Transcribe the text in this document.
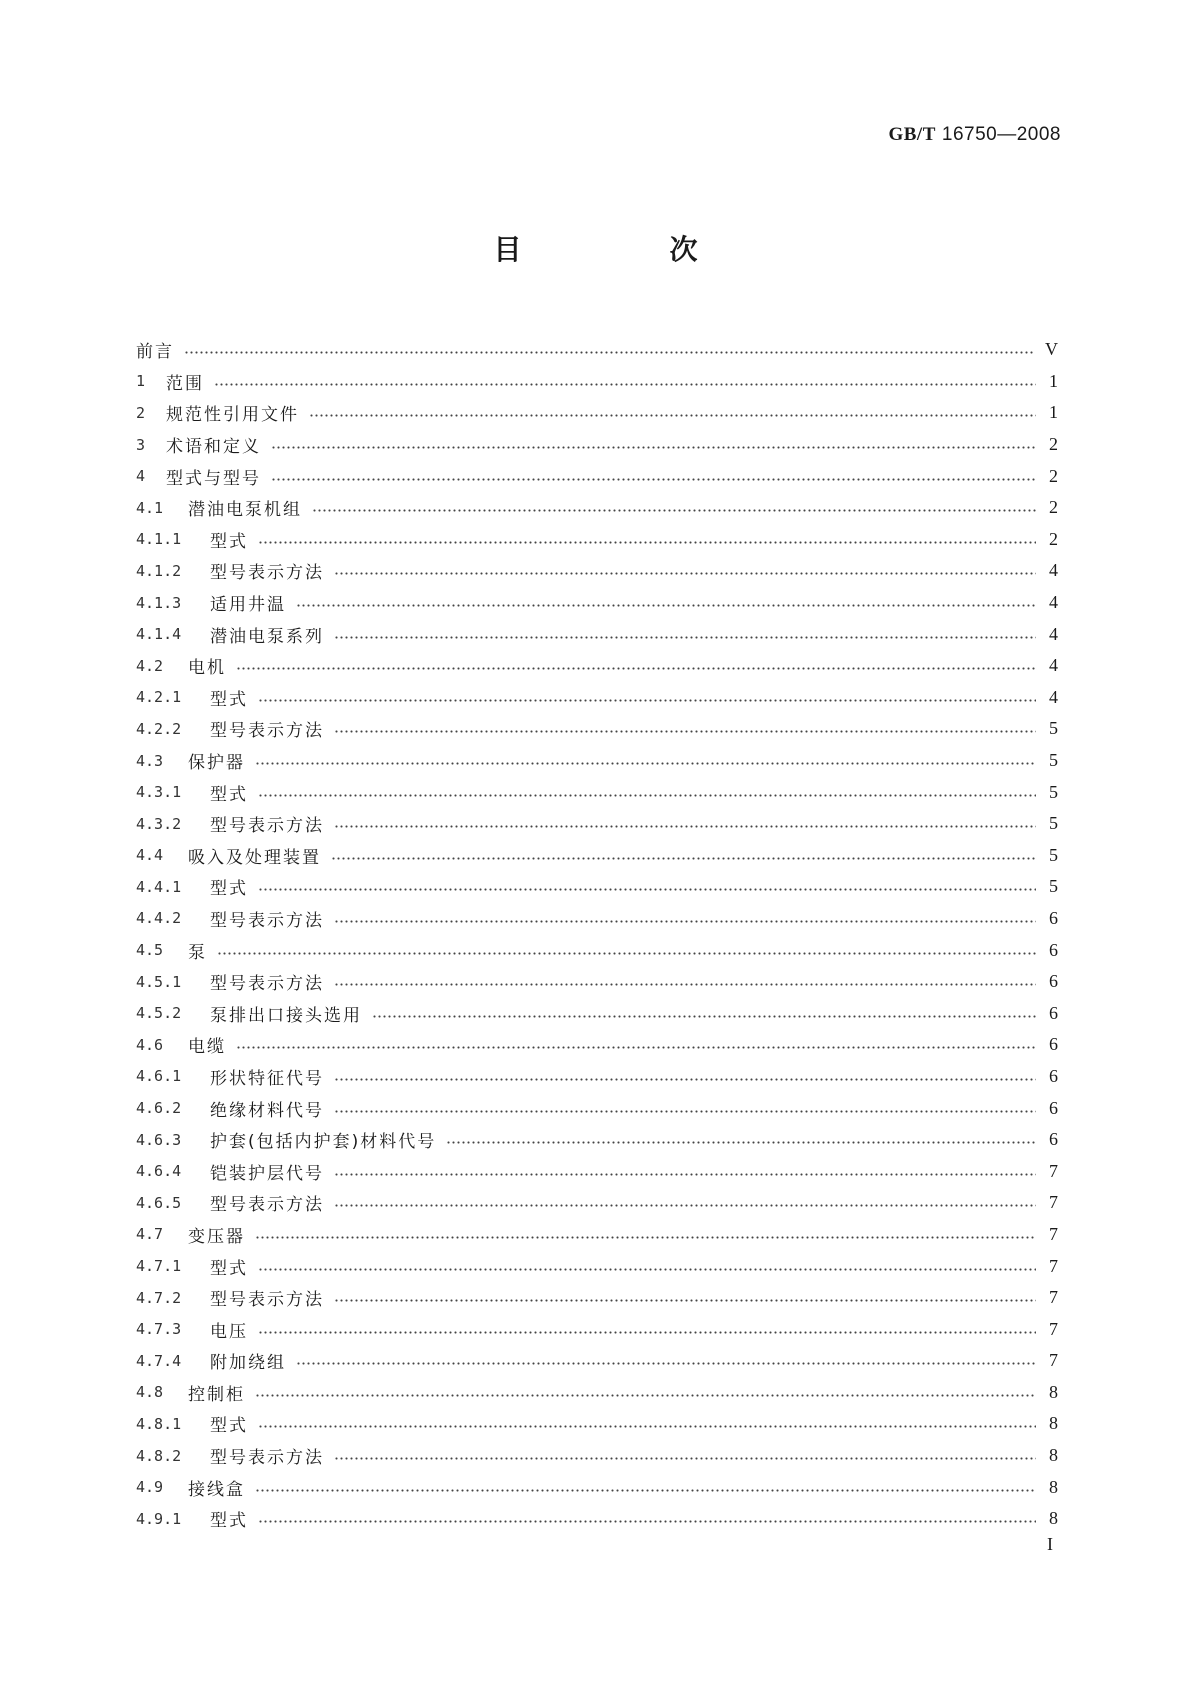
GB/T 16750—2008
目　次
前言	V
1	范围	1
2	规范性引用文件	1
3	术语和定义	2
4	型式与型号	2
4.1	潜油电泵机组	2
4.1.1	型式	2
4.1.2	型号表示方法	4
4.1.3	适用井温	4
4.1.4	潜油电泵系列	4
4.2	电机	4
4.2.1	型式	4
4.2.2	型号表示方法	5
4.3	保护器	5
4.3.1	型式	5
4.3.2	型号表示方法	5
4.4	吸入及处理装置	5
4.4.1	型式	5
4.4.2	型号表示方法	6
4.5	泵	6
4.5.1	型号表示方法	6
4.5.2	泵排出口接头选用	6
4.6	电缆	6
4.6.1	形状特征代号	6
4.6.2	绝缘材料代号	6
4.6.3	护套(包括内护套)材料代号	6
4.6.4	铠装护层代号	7
4.6.5	型号表示方法	7
4.7	变压器	7
4.7.1	型式	7
4.7.2	型号表示方法	7
4.7.3	电压	7
4.7.4	附加绕组	7
4.8	控制柜	8
4.8.1	型式	8
4.8.2	型号表示方法	8
4.9	接线盒	8
4.9.1	型式	8
I
